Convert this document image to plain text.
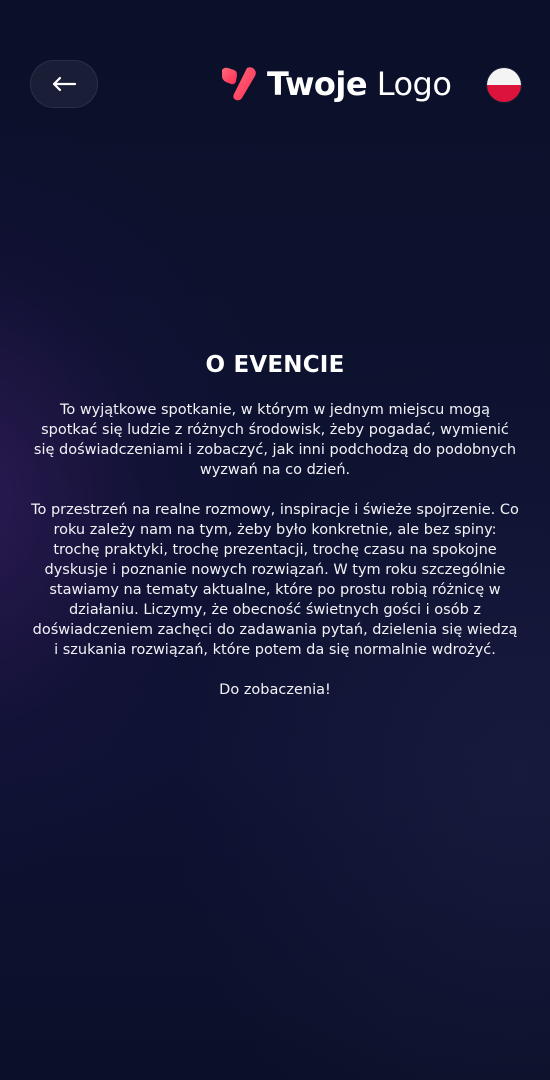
Twoje Logo
O EVENCIE

To wyjątkowe spotkanie, w którym w jednym miejscu mogą spotkać się ludzie z różnych środowisk, żeby pogadać, wymienić się doświadczeniami i zobaczyć, jak inni podchodzą do podobnych wyzwań na co dzień.

To przestrzeń na realne rozmowy, inspiracje i świeże spojrzenie. Co roku zależy nam na tym, żeby było konkretnie, ale bez spiny: trochę praktyki, trochę prezentacji, trochę czasu na spokojne dyskusje i poznanie nowych rozwiązań. W tym roku szczególnie stawiamy na tematy aktualne, które po prostu robią różnicę w działaniu. Liczymy, że obecność świetnych gości i osób z doświadczeniem zachęci do zadawania pytań, dzielenia się wiedzą i szukania rozwiązań, które potem da się normalnie wdrożyć.

Do zobaczenia!
